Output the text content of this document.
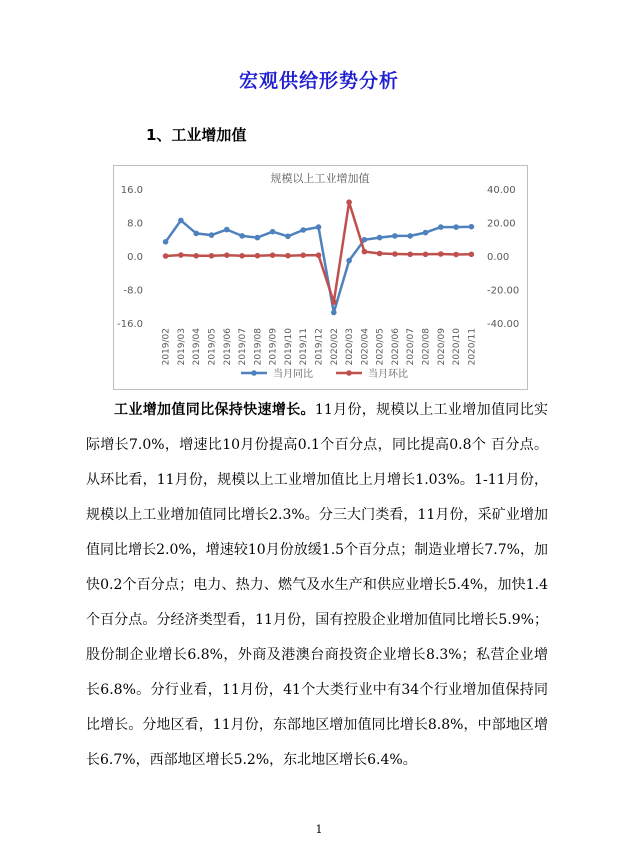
宏观供给形势分析
1、工业增加值
规模以上工业增加值
16.0
8.0
0.0
-8.0
-16.0
40.00
20.00
0.00
-20.00
-40.00
2019/02 2019/03 2019/04 2019/05 2019/06 2019/07 2019/08 2019/09 2019/10 2019/11 2019/12 2020/02 2020/03 2020/04 2020/05 2020/06 2020/07 2020/08 2020/09 2020/10 2020/11
当月同比	当月环比

工业增加值同比保持快速增长。11月份，规模以上工业增加值同比实际增长7.0%，增速比10月份提高0.1个百分点，同比提高0.8个 百分点。从环比看，11月份，规模以上工业增加值比上月增长1.03%。1-11月份，规模以上工业增加值同比增长2.3%。分三大门类看，11月份，采矿业增加值同比增长2.0%，增速较10月份放缓1.5个百分点；制造业增长7.7%，加快0.2个百分点；电力、热力、燃气及水生产和供应业增长5.4%，加快1.4个百分点。分经济类型看，11月份，国有控股企业增加值同比增长5.9%；股份制企业增长6.8%，外商及港澳台商投资企业增长8.3%；私营企业增长6.8%。分行业看，11月份，41个大类行业中有34个行业增加值保持同比增长。分地区看，11月份，东部地区增加值同比增长8.8%，中部地区增长6.7%，西部地区增长5.2%，东北地区增长6.4%。

1
